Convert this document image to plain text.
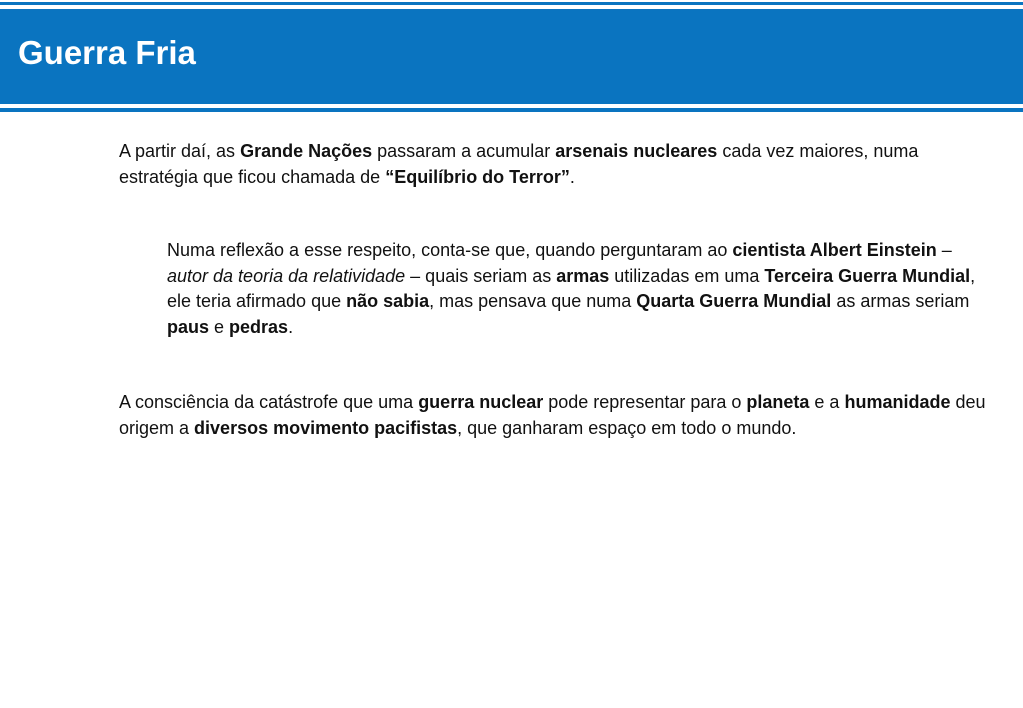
Guerra Fria

A partir daí, as Grande Nações passaram a acumular arsenais nucleares cada vez maiores, numa estratégia que ficou chamada de “Equilíbrio do Terror”.

Numa reflexão a esse respeito, conta-se que, quando perguntaram ao cientista Albert Einstein – autor da teoria da relatividade – quais seriam as armas utilizadas em uma Terceira Guerra Mundial, ele teria afirmado que não sabia, mas pensava que numa Quarta Guerra Mundial as armas seriam paus e pedras.

A consciência da catástrofe que uma guerra nuclear pode representar para o planeta e a humanidade deu origem a diversos movimento pacifistas, que ganharam espaço em todo o mundo.
